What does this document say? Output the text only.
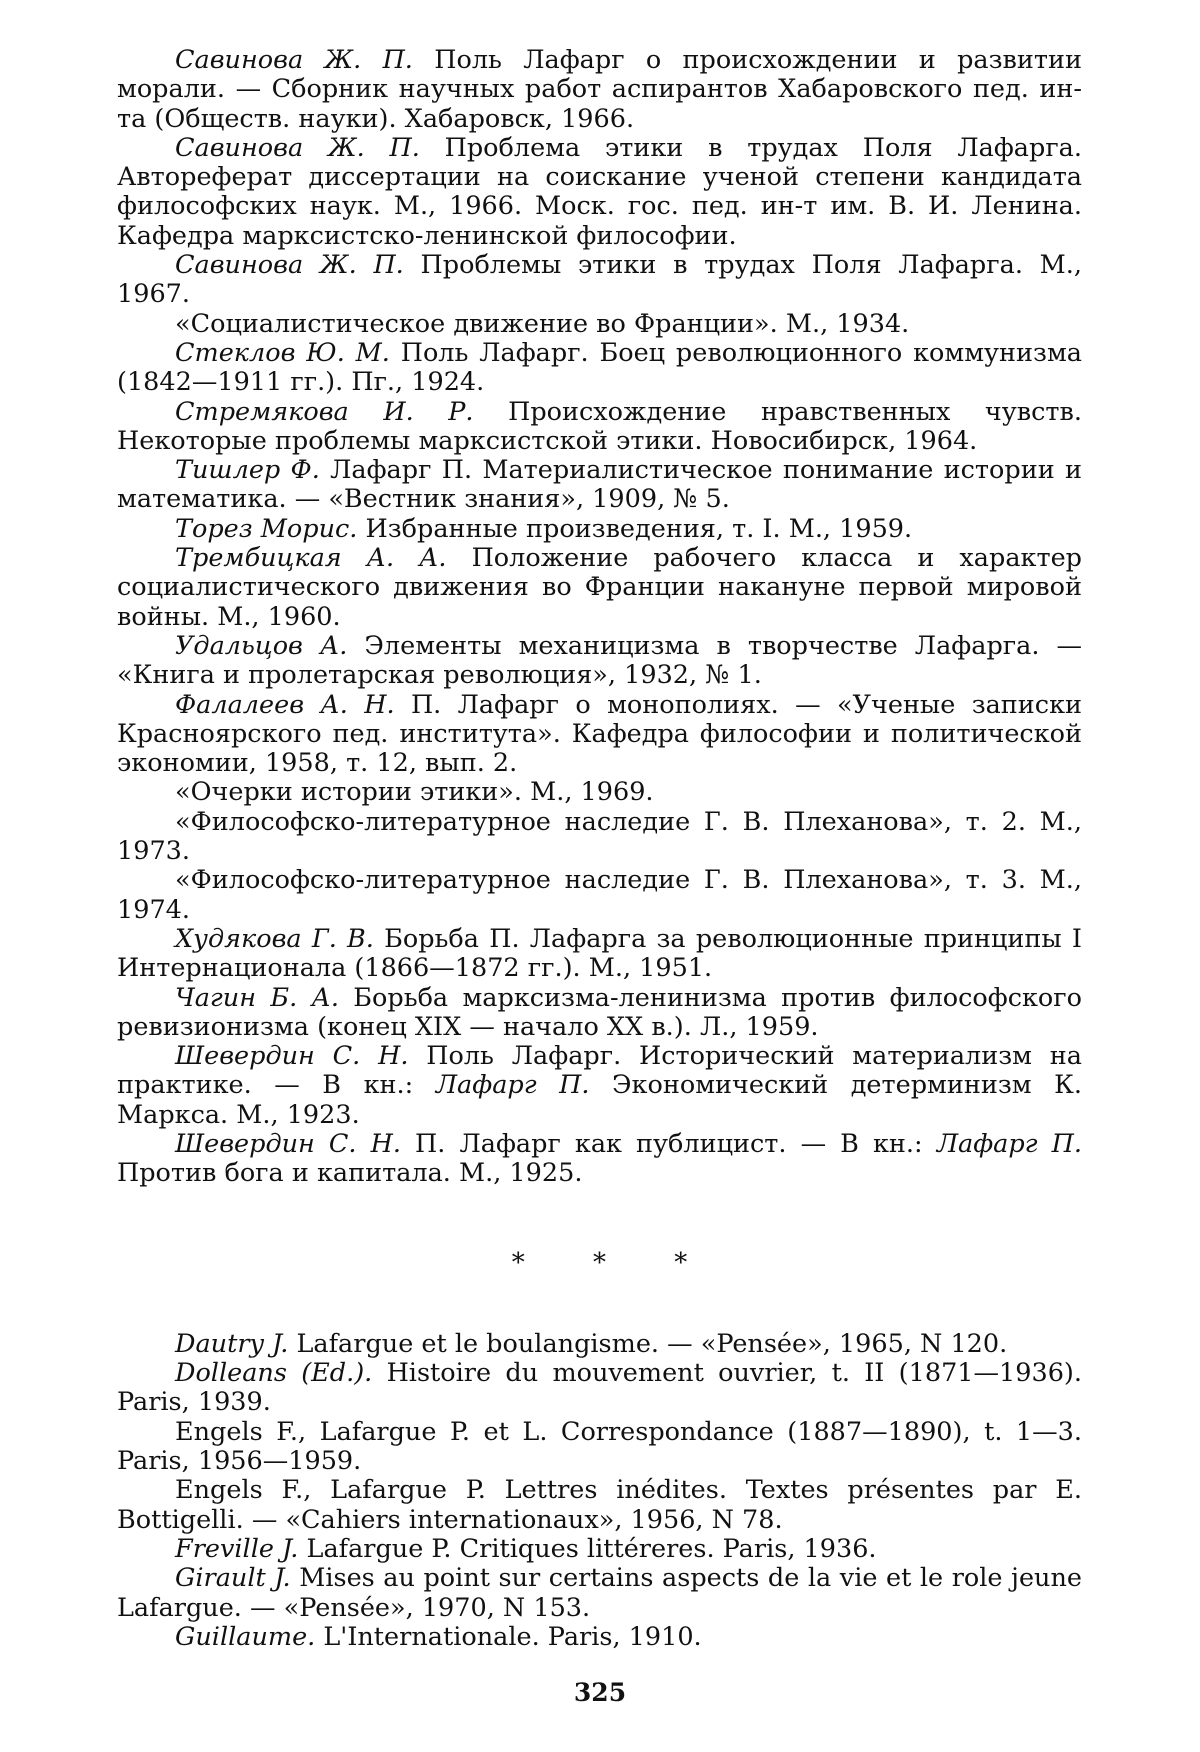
Савинова Ж. П. Поль Лафарг о происхождении и развитии морали. — Сборник научных работ аспирантов Хабаровского пед. ин-та (Обществ. науки). Хабаровск, 1966.

Савинова Ж. П. Проблема этики в трудах Поля Лафарга. Автореферат диссертации на соискание ученой степени кандидата философских наук. М., 1966. Моск. гос. пед. ин-т им. В. И. Ленина. Кафедра марксистско-ленинской философии.

Савинова Ж. П. Проблемы этики в трудах Поля Лафарга. М., 1967.

«Социалистическое движение во Франции». М., 1934.

Стеклов Ю. М. Поль Лафарг. Боец революционного коммунизма (1842—1911 гг.). Пг., 1924.

Стремякова И. Р. Происхождение нравственных чувств. Некоторые проблемы марксистской этики. Новосибирск, 1964.

Тишлер Ф. Лафарг П. Материалистическое понимание истории и математика. — «Вестник знания», 1909, № 5.

Торез Морис. Избранные произведения, т. I. М., 1959.

Трембицкая А. А. Положение рабочего класса и характер социалистического движения во Франции накануне первой мировой войны. М., 1960.

Удальцов А. Элементы механицизма в творчестве Лафарга. — «Книга и пролетарская революция», 1932, № 1.

Фалалеев А. Н. П. Лафарг о монополиях. — «Ученые записки Красноярского пед. института». Кафедра философии и политической экономии, 1958, т. 12, вып. 2.

«Очерки истории этики». М., 1969.

«Философско-литературное наследие Г. В. Плеханова», т. 2. М., 1973.

«Философско-литературное наследие Г. В. Плеханова», т. 3. М., 1974.

Худякова Г. В. Борьба П. Лафарга за революционные принципы I Интернационала (1866—1872 гг.). М., 1951.

Чагин Б. А. Борьба марксизма-ленинизма против философского ревизионизма (конец XIX — начало XX в.). Л., 1959.

Шевердин С. Н. Поль Лафарг. Исторический материализм на практике. — В кн.: Лафарг П. Экономический детерминизм К. Маркса. М., 1923.

Шевердин С. Н. П. Лафарг как публицист. — В кн.: Лафарг П. Против бога и капитала. М., 1925.

* * *

Dautry J. Lafargue et le boulangisme. — «Pensée», 1965, N 120.

Dolleans (Ed.). Histoire du mouvement ouvrier, t. II (1871—1936). Paris, 1939.

Engels F., Lafargue P. et L. Correspondance (1887—1890), t. 1—3. Paris, 1956—1959.

Engels F., Lafargue P. Lettres inédites. Textes présentes par E. Bottigelli. — «Cahiers internationaux», 1956, N 78.

Freville J. Lafargue P. Critiques littéreres. Paris, 1936.

Girault J. Mises au point sur certains aspects de la vie et le role jeune Lafargue. — «Pensée», 1970, N 153.

Guillaume. L'Internationale. Paris, 1910.

325
